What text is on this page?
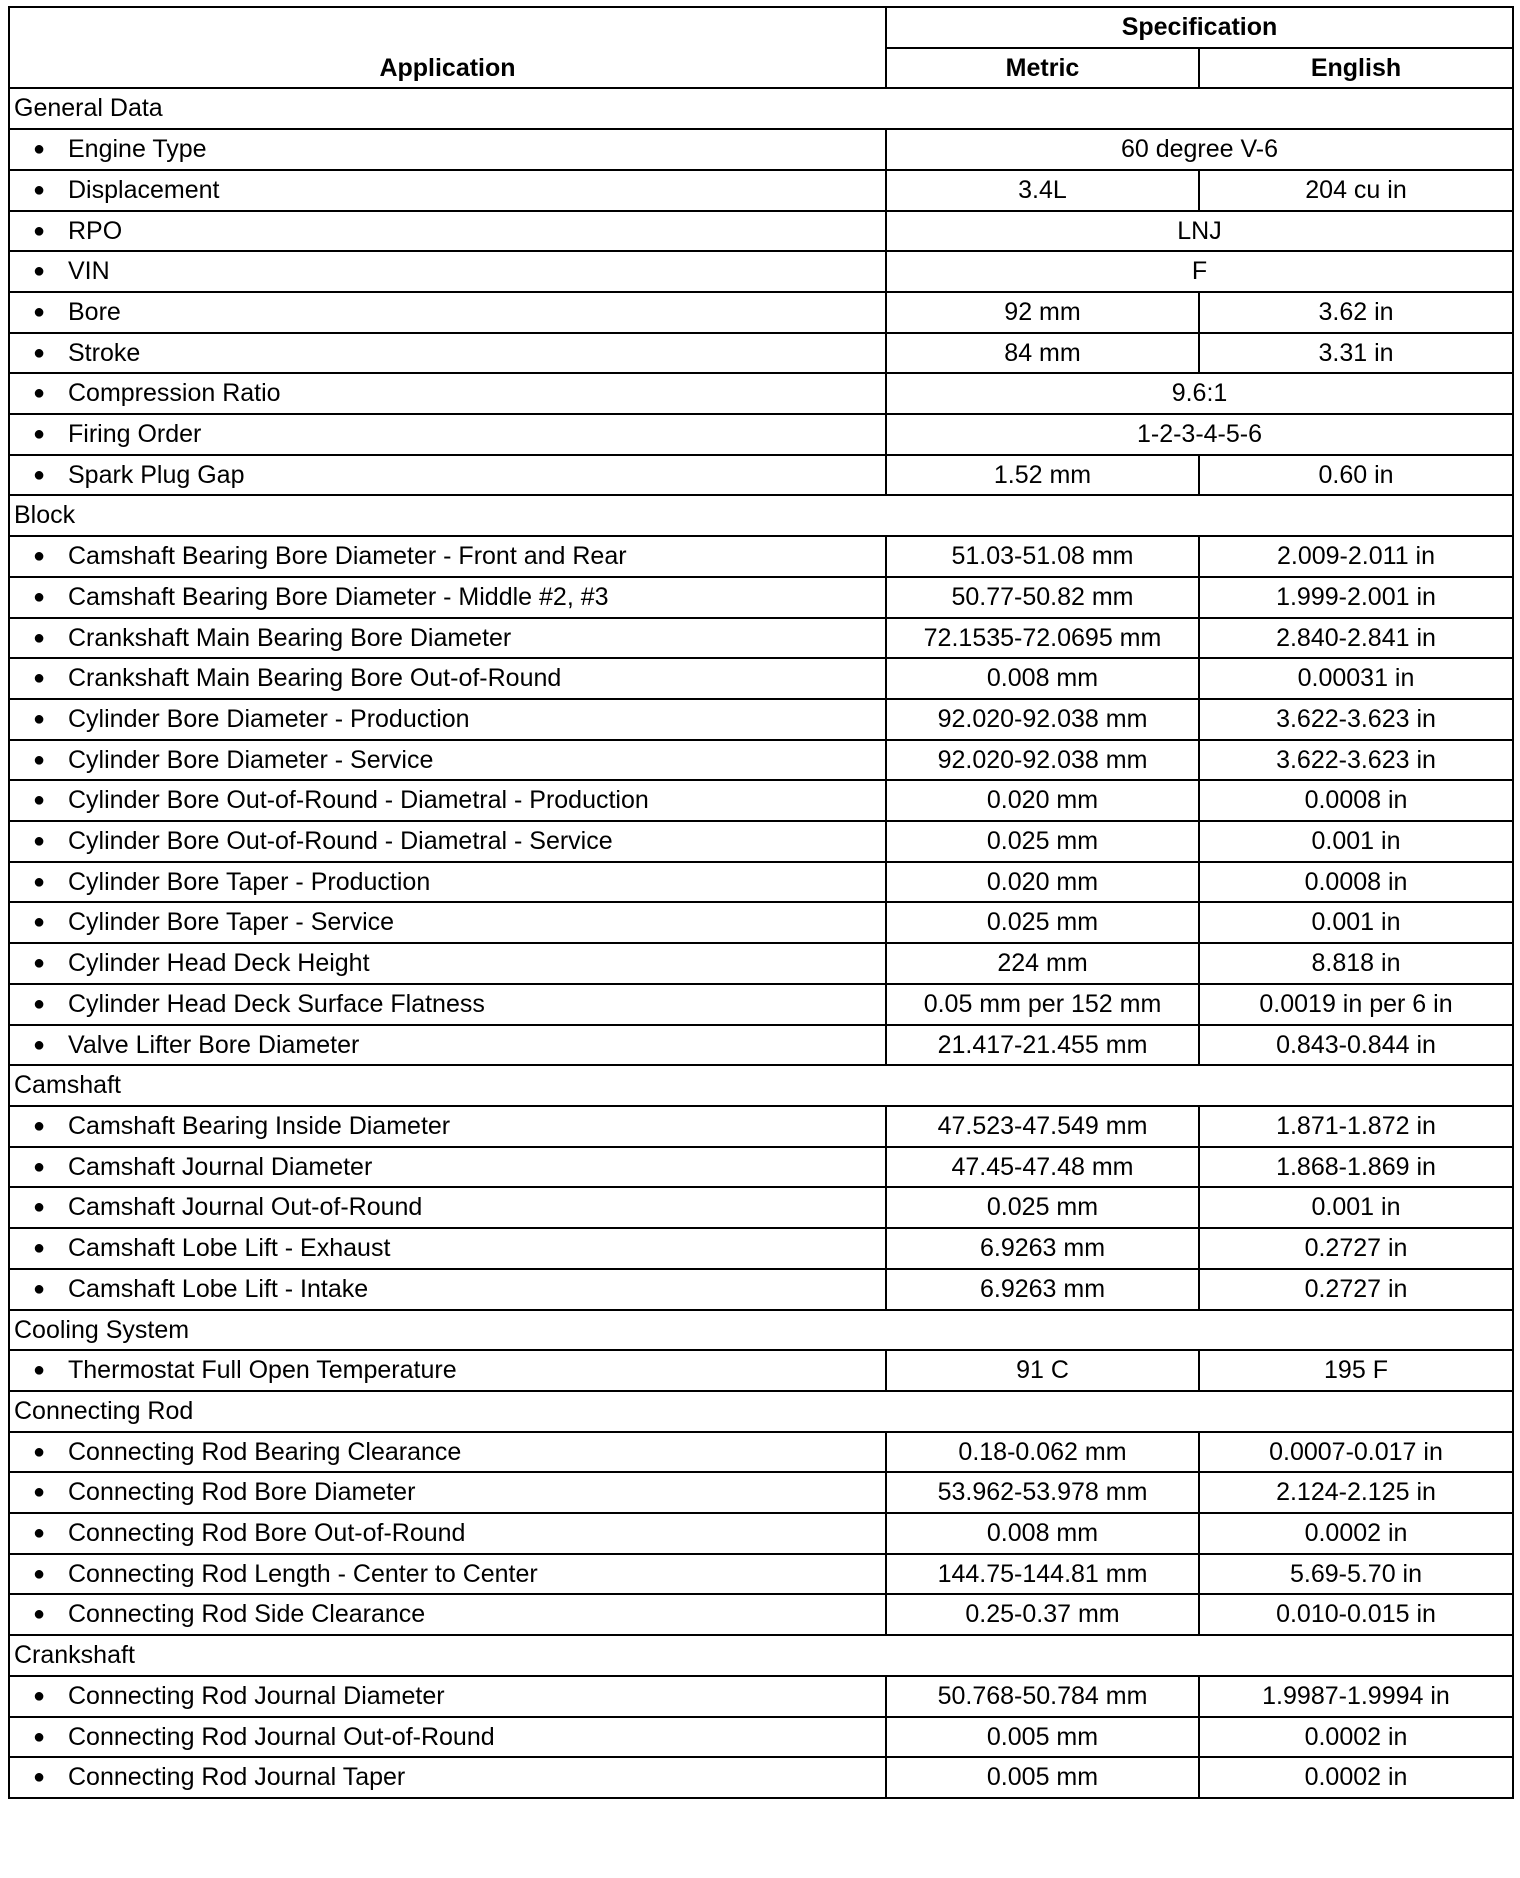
Application	Specification	
	Metric	English
General Data		
● Engine Type	60 degree V-6	
● Displacement	3.4L	204 cu in
● RPO	LNJ	
● VIN	F	
● Bore	92 mm	3.62 in
● Stroke	84 mm	3.31 in
● Compression Ratio	9.6:1	
● Firing Order	1-2-3-4-5-6	
● Spark Plug Gap	1.52 mm	0.60 in
Block		
● Camshaft Bearing Bore Diameter - Front and Rear	51.03-51.08 mm	2.009-2.011 in
● Camshaft Bearing Bore Diameter - Middle #2, #3	50.77-50.82 mm	1.999-2.001 in
● Crankshaft Main Bearing Bore Diameter	72.1535-72.0695 mm	2.840-2.841 in
● Crankshaft Main Bearing Bore Out-of-Round	0.008 mm	0.00031 in
● Cylinder Bore Diameter - Production	92.020-92.038 mm	3.622-3.623 in
● Cylinder Bore Diameter - Service	92.020-92.038 mm	3.622-3.623 in
● Cylinder Bore Out-of-Round - Diametral - Production	0.020 mm	0.0008 in
● Cylinder Bore Out-of-Round - Diametral - Service	0.025 mm	0.001 in
● Cylinder Bore Taper - Production	0.020 mm	0.0008 in
● Cylinder Bore Taper - Service	0.025 mm	0.001 in
● Cylinder Head Deck Height	224 mm	8.818 in
● Cylinder Head Deck Surface Flatness	0.05 mm per 152 mm	0.0019 in per 6 in
● Valve Lifter Bore Diameter	21.417-21.455 mm	0.843-0.844 in
Camshaft		
● Camshaft Bearing Inside Diameter	47.523-47.549 mm	1.871-1.872 in
● Camshaft Journal Diameter	47.45-47.48 mm	1.868-1.869 in
● Camshaft Journal Out-of-Round	0.025 mm	0.001 in
● Camshaft Lobe Lift - Exhaust	6.9263 mm	0.2727 in
● Camshaft Lobe Lift - Intake	6.9263 mm	0.2727 in
Cooling System		
● Thermostat Full Open Temperature	91 C	195 F
Connecting Rod		
● Connecting Rod Bearing Clearance	0.18-0.062 mm	0.0007-0.017 in
● Connecting Rod Bore Diameter	53.962-53.978 mm	2.124-2.125 in
● Connecting Rod Bore Out-of-Round	0.008 mm	0.0002 in
● Connecting Rod Length - Center to Center	144.75-144.81 mm	5.69-5.70 in
● Connecting Rod Side Clearance	0.25-0.37 mm	0.010-0.015 in
Crankshaft		
● Connecting Rod Journal Diameter	50.768-50.784 mm	1.9987-1.9994 in
● Connecting Rod Journal Out-of-Round	0.005 mm	0.0002 in
● Connecting Rod Journal Taper	0.005 mm	0.0002 in
